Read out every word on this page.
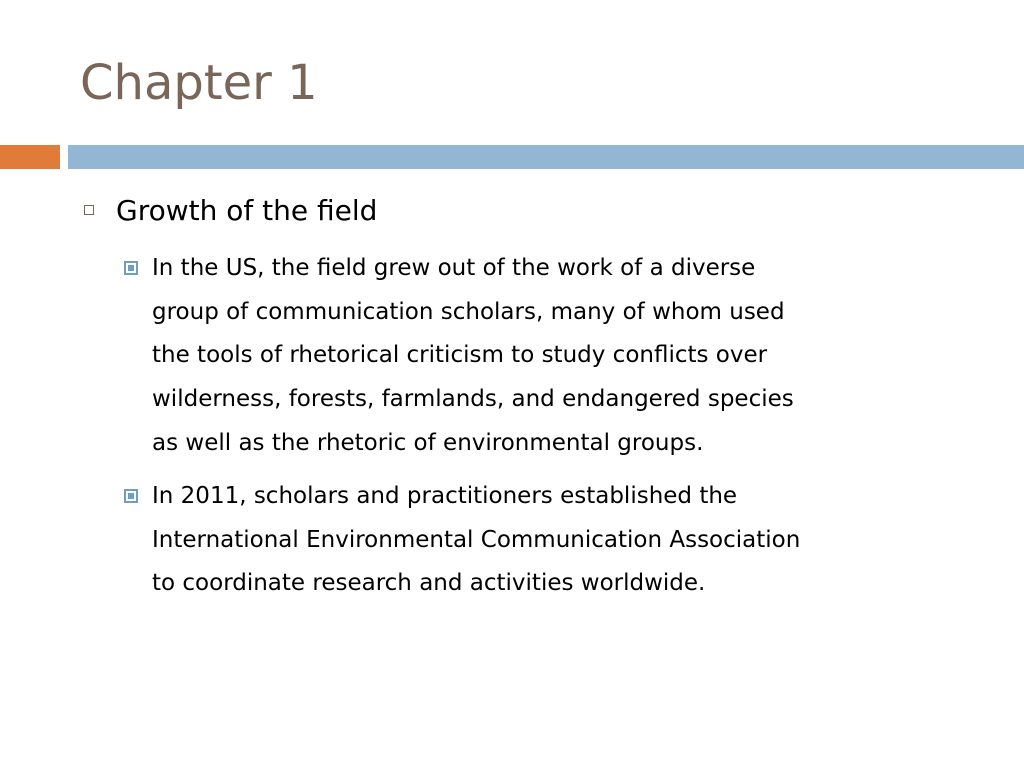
Chapter 1
Growth of the field
In the US, the field grew out of the work of a diverse
group of communication scholars, many of whom used
the tools of rhetorical criticism to study conflicts over
wilderness, forests, farmlands, and endangered species
as well as the rhetoric of environmental groups.
In 2011, scholars and practitioners established the
International Environmental Communication Association
to coordinate research and activities worldwide.
